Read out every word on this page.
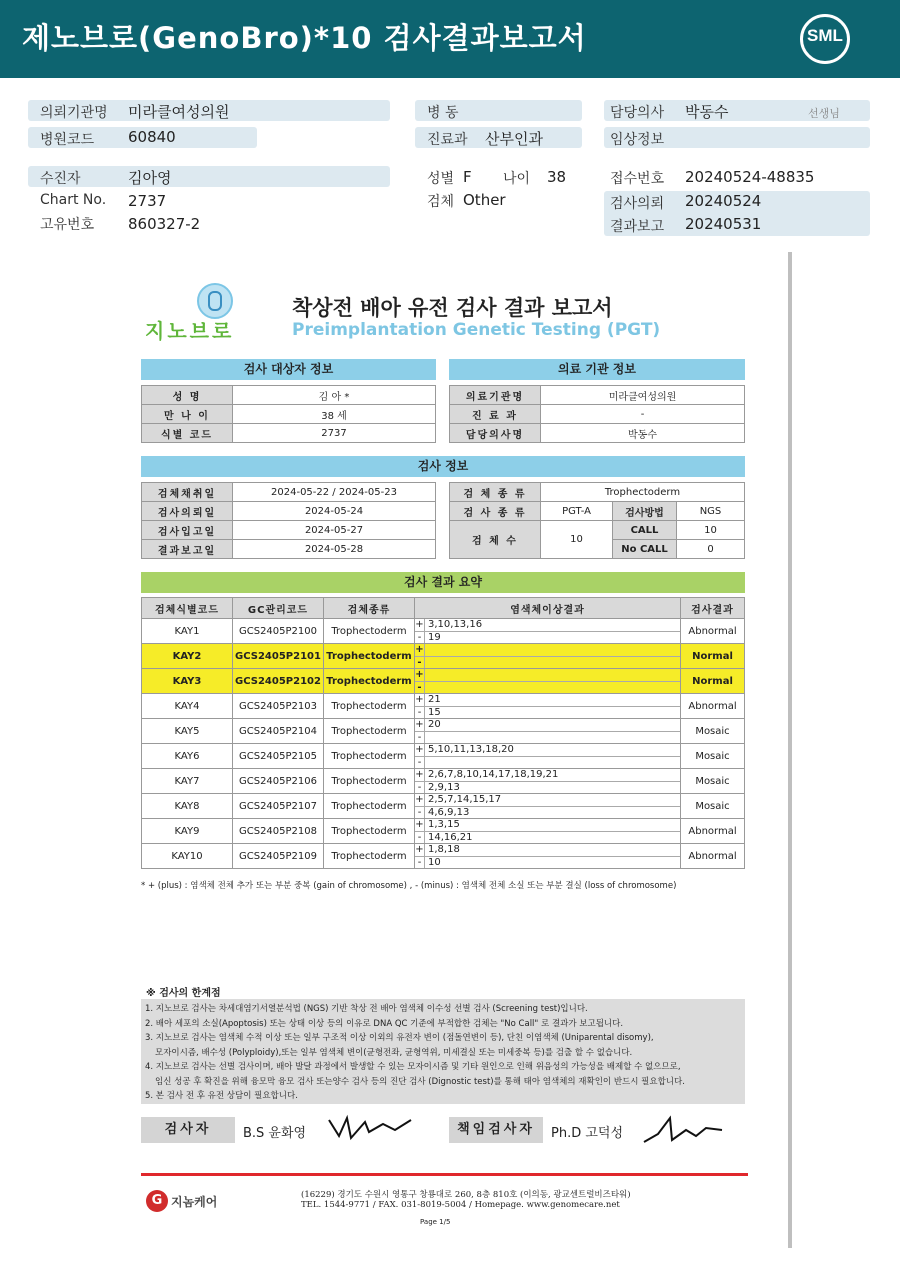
제노브로(GenoBro)*10 검사결과보고서	SML
의뢰기관명 미라클여성의원
병원코드 60840
병 동
진료과 산부인과
담당의사 박동수	선생님
임상정보
수진자	김아영
Chart No. 2737
고유번호 860327-2
성별 F 나이 38
검체 Other
접수번호 20240524-48835
검사의뢰 20240524
결과보고 20240531
지노브로
착상전 배아 유전 검사 결과 보고서
Preimplantation Genetic Testing (PGT)
검사 대상자 정보	의료 기관 정보
성 명	김 아 *
만 나 이	38 세
식별 코드	2737
의료기관명	미라클여성의원
진 료 과	-
담당의사명	박동수
검사 정보
검체채취일	2024-05-22 / 2024-05-23
검사의뢰일	2024-05-24
검사입고일	2024-05-27
결과보고일	2024-05-28
검 체 종 류	Trophectoderm		
검 사 종 류	PGT-A	검사방법	NGS
검 체 수	10	CALL	10
		No CALL	0
검사 결과 요약
검체식별코드	GC관리코드	검체종류	염색체이상결과	검사결과
KAY1	GCS2405P2100	Trophectoderm	+ 3,10,13,16
- 19	Abnormal
KAY2	GCS2405P2101	Trophectoderm	+
-	Normal
KAY3	GCS2405P2102	Trophectoderm	+
-	Normal
KAY4	GCS2405P2103	Trophectoderm	+ 21
- 15	Abnormal
KAY5	GCS2405P2104	Trophectoderm	+ 20
-	Mosaic
KAY6	GCS2405P2105	Trophectoderm	+ 5,10,11,13,18,20
-	Mosaic
KAY7	GCS2405P2106	Trophectoderm	+ 2,6,7,8,10,14,17,18,19,21
- 2,9,13	Mosaic
KAY8	GCS2405P2107	Trophectoderm	+ 2,5,7,14,15,17
- 4,6,9,13	Mosaic
KAY9	GCS2405P2108	Trophectoderm	+ 1,3,15
- 14,16,21	Abnormal
KAY10	GCS2405P2109	Trophectoderm	+ 1,8,18
- 10	Abnormal
* + (plus) : 염색체 전체 추가 또는 부분 중복 (gain of chromosome) , - (minus) : 염색체 전체 소실 또는 부분 결실 (loss of chromosome)
※ 검사의 한계점
1. 지노브로 검사는 차세대염기서열분석법 (NGS) 기반 착상 전 배아 염색체 이수성 선별 검사 (Screening test)입니다.
2. 배아 세포의 소실(Apoptosis) 또는 상태 이상 등의 이유로 DNA QC 기준에 부적합한 검체는 "No Call" 로 결과가 보고됩니다.
3. 지노브로 검사는 염색체 수적 이상 또는 일부 구조적 이상 이외의 유전자 변이 (점돌연변이 등), 단친 이염색체 (Uniparental disomy),
모자이시즘, 배수성 (Polyploidy),또는 일부 염색체 변이(균형전좌, 균형역위, 미세결실 또는 미세중복 등)를 검출 할 수 없습니다.
4. 지노브로 검사는 선별 검사이며, 배아 발달 과정에서 발생할 수 있는 모자이시즘 및 기타 원인으로 인해 위음성의 가능성을 배제할 수 없으므로,
임신 성공 후 확진을 위해 융모막 융모 검사 또는양수 검사 등의 진단 검사 (Dignostic test)를 통해 태아 염색체의 재확인이 반드시 필요합니다.
5. 본 검사 전 후 유전 상담이 필요합니다.
검사자	B.S 윤화영	책임검사자	Ph.D 고덕성
G 지놈케어	(16229) 경기도 수원시 영통구 창룡대로 260, 8층 810호 (이의동, 광교센트럴비즈타워)
TEL. 1544-9771 / FAX. 031-8019-5004 / Homepage. www.genomecare.net
Page 1/5
